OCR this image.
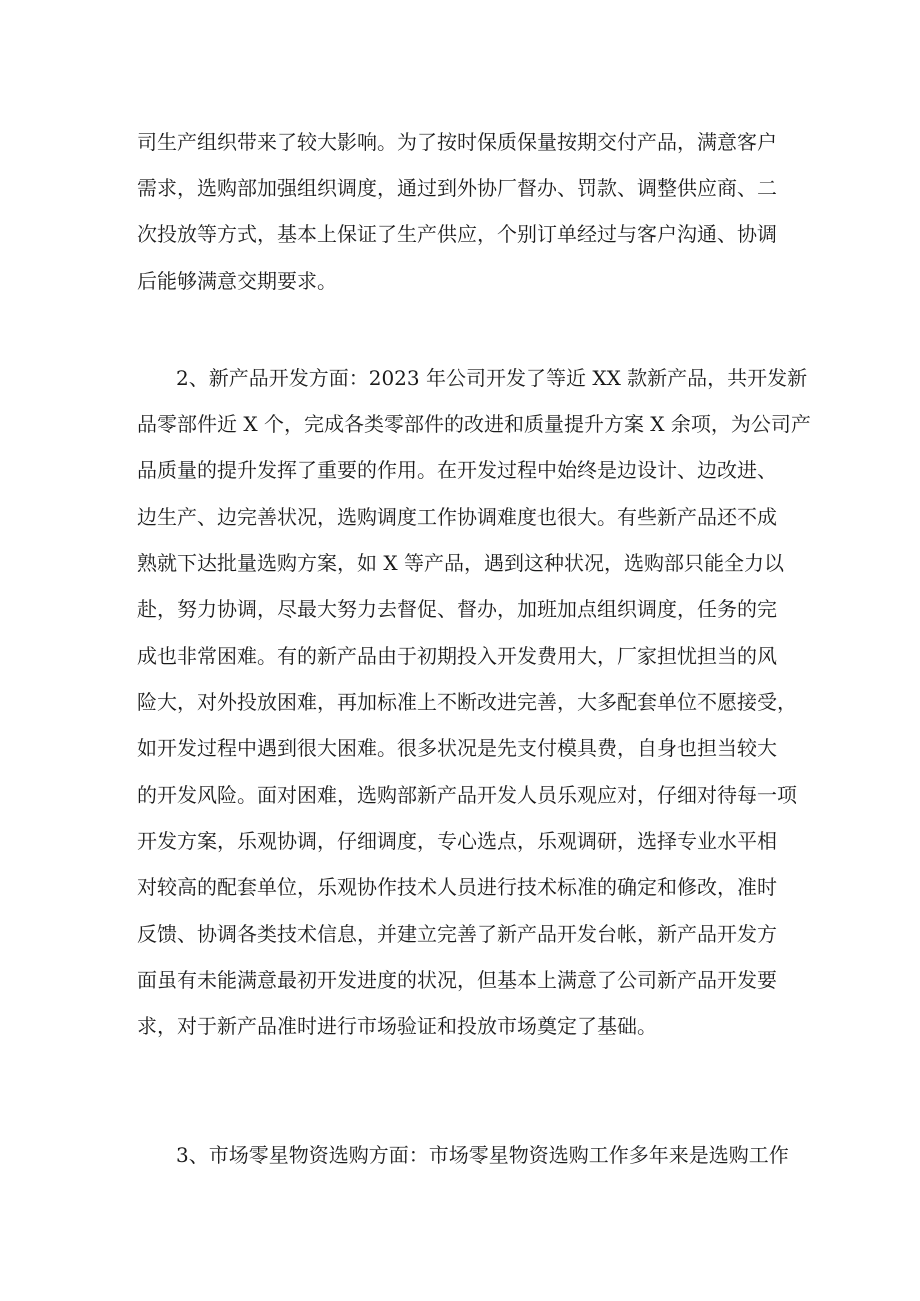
司生产组织带来了较大影响。为了按时保质保量按期交付产品，满意客户
需求，选购部加强组织调度，通过到外协厂督办、罚款、调整供应商、二
次投放等方式，基本上保证了生产供应，个别订单经过与客户沟通、协调
后能够满意交期要求。
2、新产品开发方面：2023 年公司开发了等近 XX 款新产品，共开发新
品零部件近 X 个，完成各类零部件的改进和质量提升方案 X 余项，为公司产
品质量的提升发挥了重要的作用。在开发过程中始终是边设计、边改进、
边生产、边完善状况，选购调度工作协调难度也很大。有些新产品还不成
熟就下达批量选购方案，如 X 等产品，遇到这种状况，选购部只能全力以
赴，努力协调，尽最大努力去督促、督办，加班加点组织调度，任务的完
成也非常困难。有的新产品由于初期投入开发费用大，厂家担忧担当的风
险大，对外投放困难，再加标准上不断改进完善，大多配套单位不愿接受，
如开发过程中遇到很大困难。很多状况是先支付模具费，自身也担当较大
的开发风险。面对困难，选购部新产品开发人员乐观应对，仔细对待每一项
开发方案，乐观协调，仔细调度，专心选点，乐观调研，选择专业水平相
对较高的配套单位，乐观协作技术人员进行技术标准的确定和修改，准时
反馈、协调各类技术信息，并建立完善了新产品开发台帐，新产品开发方
面虽有未能满意最初开发进度的状况，但基本上满意了公司新产品开发要
求，对于新产品准时进行市场验证和投放市场奠定了基础。
3、市场零星物资选购方面：市场零星物资选购工作多年来是选购工作
